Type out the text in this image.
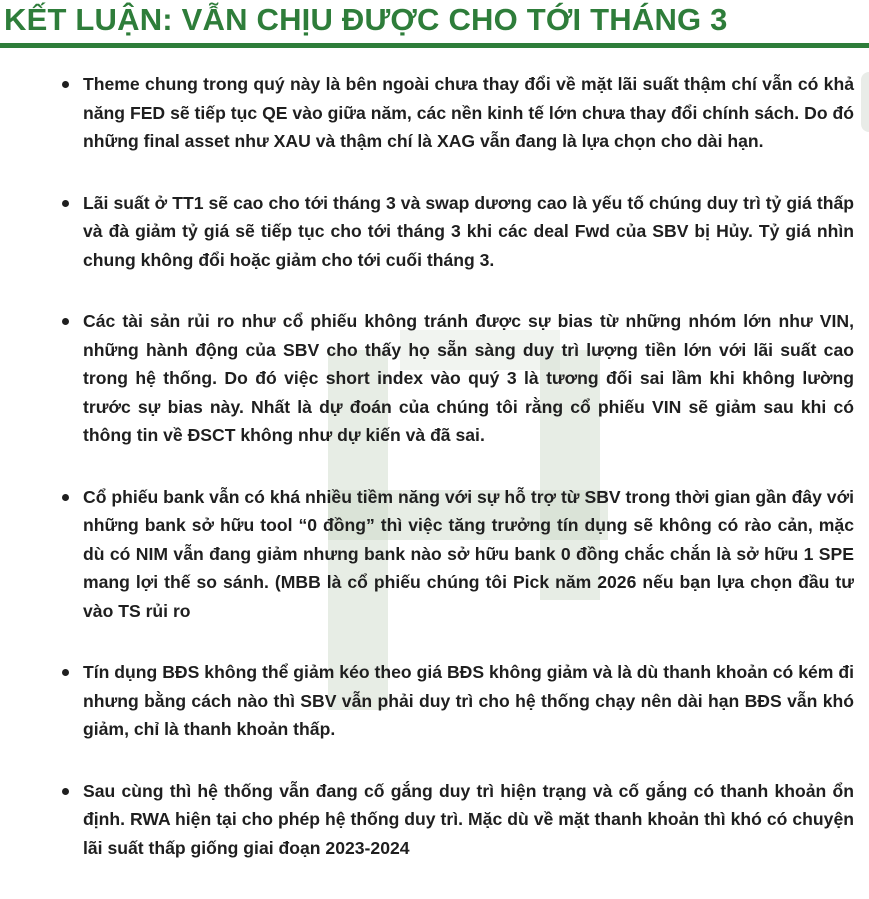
KẾT LUẬN: VẪN CHỊU ĐƯỢC CHO TỚI THÁNG 3
Theme chung trong quý này là bên ngoài chưa thay đổi về mặt lãi suất thậm chí vẫn có khả năng FED sẽ tiếp tục QE vào giữa năm, các nền kinh tế lớn chưa thay đổi chính sách. Do đó những final asset như XAU và thậm chí là XAG vẫn đang là lựa chọn cho dài hạn.
Lãi suất ở TT1 sẽ cao cho tới tháng 3 và swap dương cao là yếu tố chúng duy trì tỷ giá thấp và đà giảm tỷ giá sẽ tiếp tục cho tới tháng 3 khi các deal Fwd của SBV bị Hủy. Tỷ giá nhìn chung không đổi hoặc giảm cho tới cuối tháng 3.
Các tài sản rủi ro như cổ phiếu không tránh được sự bias từ những nhóm lớn như VIN, những hành động của SBV cho thấy họ sẵn sàng duy trì lượng tiền lớn với lãi suất cao trong hệ thống. Do đó việc short index vào quý 3 là tương đối sai lầm khi không lường trước sự bias này. Nhất là dự đoán của chúng tôi rằng cổ phiếu VIN sẽ giảm sau khi có thông tin về ĐSCT không như dự kiến và đã sai.
Cổ phiếu bank vẫn có khá nhiều tiềm năng với sự hỗ trợ từ SBV trong thời gian gần đây với những bank sở hữu tool “0 đồng” thì việc tăng trưởng tín dụng sẽ không có rào cản, mặc dù có NIM vẫn đang giảm nhưng bank nào sở hữu bank 0 đồng chắc chắn là sở hữu 1 SPE mang lợi thế so sánh. (MBB là cổ phiếu chúng tôi Pick năm 2026 nếu bạn lựa chọn đầu tư vào TS rủi ro
Tín dụng BĐS không thể giảm kéo theo giá BĐS không giảm và là dù thanh khoản có kém đi nhưng bằng cách nào thì SBV vẫn phải duy trì cho hệ thống chạy nên dài hạn BĐS vẫn khó giảm, chỉ là thanh khoản thấp.
Sau cùng thì hệ thống vẫn đang cố gắng duy trì hiện trạng và cố gắng có thanh khoản ổn định. RWA hiện tại cho phép hệ thống duy trì. Mặc dù về mặt thanh khoản thì khó có chuyện lãi suất thấp giống giai đoạn 2023-2024
